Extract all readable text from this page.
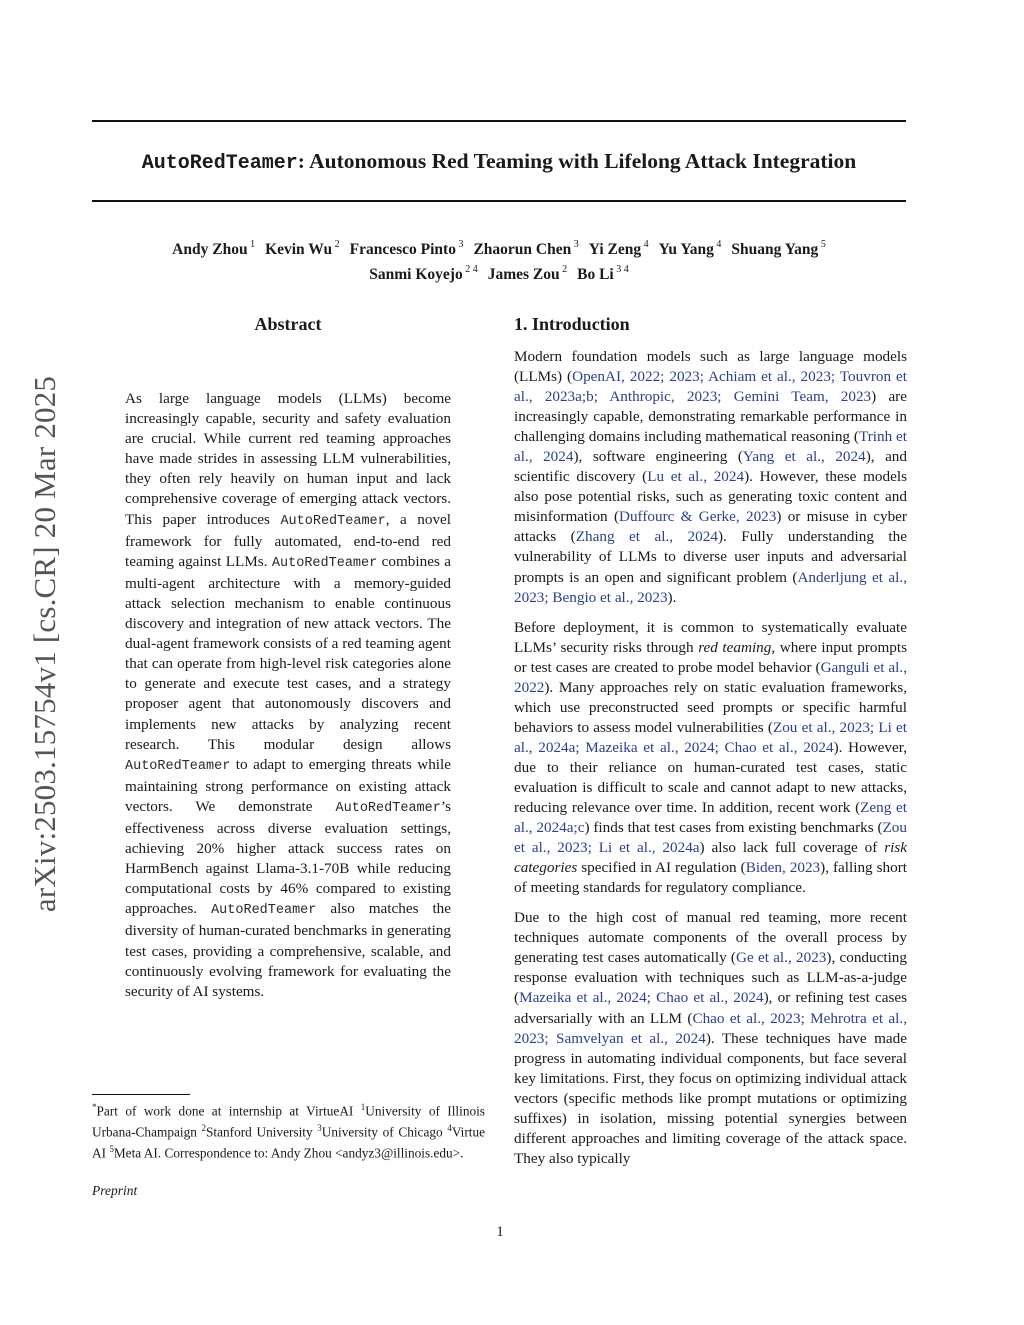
AutoRedTeamer: Autonomous Red Teaming with Lifelong Attack Integration
Andy Zhou $^1$ Kevin Wu $^2$ Francesco Pinto $^3$ Zhaorun Chen $^3$ Yi Zeng $^4$ Yu Yang $^4$ Shuang Yang $^5$
Sanmi Koyejo $^{2 4}$ James Zou $^2$ Bo Li $^{3 4}$
arXiv:2503.15754v1 [cs.CR] 20 Mar 2025
Abstract
As large language models (LLMs) become increasingly capable, security and safety evaluation are crucial. While current red teaming approaches have made strides in assessing LLM vulnerabilities, they often rely heavily on human input and lack comprehensive coverage of emerging attack vectors. This paper introduces AutoRedTeamer, a novel framework for fully automated, end-to-end red teaming against LLMs. AutoRedTeamer combines a multi-agent architecture with a memory-guided attack selection mechanism to enable continuous discovery and integration of new attack vectors. The dual-agent framework consists of a red teaming agent that can operate from high-level risk categories alone to generate and execute test cases, and a strategy proposer agent that autonomously discovers and implements new attacks by analyzing recent research. This modular design allows AutoRedTeamer to adapt to emerging threats while maintaining strong performance on existing attack vectors. We demonstrate AutoRedTeamer’s effectiveness across diverse evaluation settings, achieving 20% higher attack success rates on HarmBench against Llama-3.1-70B while reducing computational costs by 46% compared to existing approaches. AutoRedTeamer also matches the diversity of human-curated benchmarks in generating test cases, providing a comprehensive, scalable, and continuously evolving framework for evaluating the security of AI systems.
1. Introduction

Modern foundation models such as large language models (LLMs) (OpenAI, 2022; 2023; Achiam et al., 2023; Touvron et al., 2023a;b; Anthropic, 2023; Gemini Team, 2023) are increasingly capable, demonstrating remarkable performance in challenging domains including mathematical reasoning (Trinh et al., 2024), software engineering (Yang et al., 2024), and scientific discovery (Lu et al., 2024). However, these models also pose potential risks, such as generating toxic content and misinformation (Duffourc & Gerke, 2023) or misuse in cyber attacks (Zhang et al., 2024). Fully understanding the vulnerability of LLMs to diverse user inputs and adversarial prompts is an open and significant problem (Anderljung et al., 2023; Bengio et al., 2023).

Before deployment, it is common to systematically evaluate LLMs’ security risks through red teaming, where input prompts or test cases are created to probe model behavior (Ganguli et al., 2022). Many approaches rely on static evaluation frameworks, which use preconstructed seed prompts or specific harmful behaviors to assess model vulnerabilities (Zou et al., 2023; Li et al., 2024a; Mazeika et al., 2024; Chao et al., 2024). However, due to their reliance on human-curated test cases, static evaluation is difficult to scale and cannot adapt to new attacks, reducing relevance over time. In addition, recent work (Zeng et al., 2024a;c) finds that test cases from existing benchmarks (Zou et al., 2023; Li et al., 2024a) also lack full coverage of risk categories specified in AI regulation (Biden, 2023), falling short of meeting standards for regulatory compliance.

Due to the high cost of manual red teaming, more recent techniques automate components of the overall process by generating test cases automatically (Ge et al., 2023), conducting response evaluation with techniques such as LLM-as-a-judge (Mazeika et al., 2024; Chao et al., 2024), or refining test cases adversarially with an LLM (Chao et al., 2023; Mehrotra et al., 2023; Samvelyan et al., 2024). These techniques have made progress in automating individual components, but face several key limitations. First, they focus on optimizing individual attack vectors (specific methods like prompt mutations or optimizing suffixes) in isolation, missing potential synergies between different approaches and limiting coverage of the attack space. They also typically

*Part of work done at internship at VirtueAI $^1$University of Illinois Urbana-Champaign $^2$Stanford University $^3$University of Chicago $^4$Virtue AI $^5$Meta AI. Correspondence to: Andy Zhou <andyz3@illinois.edu>.
Preprint
1
